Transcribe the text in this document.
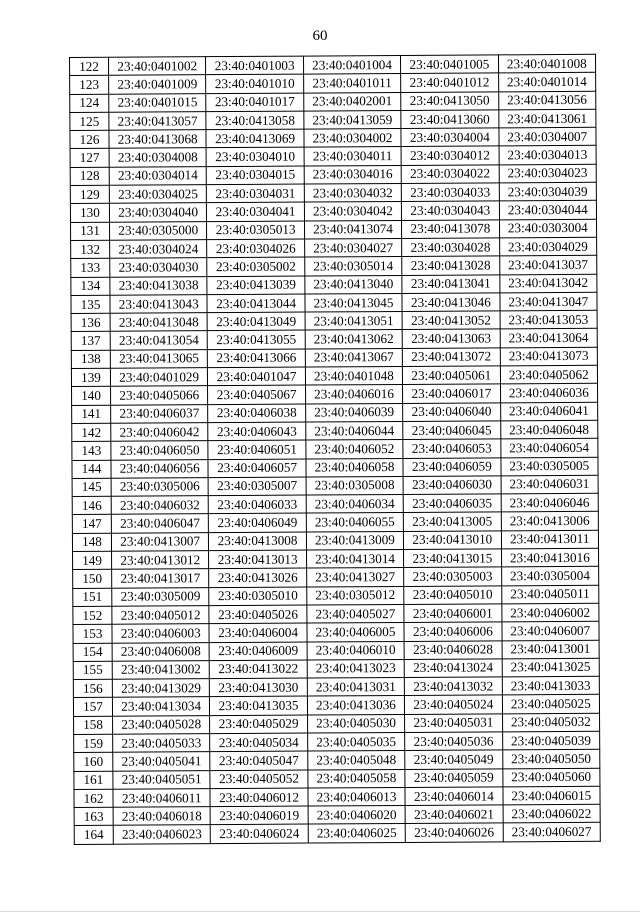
60
122	23:40:0401002	23:40:0401003	23:40:0401004	23:40:0401005	23:40:0401008
123	23:40:0401009	23:40:0401010	23:40:0401011	23:40:0401012	23:40:0401014
124	23:40:0401015	23:40:0401017	23:40:0402001	23:40:0413050	23:40:0413056
125	23:40:0413057	23:40:0413058	23:40:0413059	23:40:0413060	23:40:0413061
126	23:40:0413068	23:40:0413069	23:40:0304002	23:40:0304004	23:40:0304007
127	23:40:0304008	23:40:0304010	23:40:0304011	23:40:0304012	23:40:0304013
128	23:40:0304014	23:40:0304015	23:40:0304016	23:40:0304022	23:40:0304023
129	23:40:0304025	23:40:0304031	23:40:0304032	23:40:0304033	23:40:0304039
130	23:40:0304040	23:40:0304041	23:40:0304042	23:40:0304043	23:40:0304044
131	23:40:0305000	23:40:0305013	23:40:0413074	23:40:0413078	23:40:0303004
132	23:40:0304024	23:40:0304026	23:40:0304027	23:40:0304028	23:40:0304029
133	23:40:0304030	23:40:0305002	23:40:0305014	23:40:0413028	23:40:0413037
134	23:40:0413038	23:40:0413039	23:40:0413040	23:40:0413041	23:40:0413042
135	23:40:0413043	23:40:0413044	23:40:0413045	23:40:0413046	23:40:0413047
136	23:40:0413048	23:40:0413049	23:40:0413051	23:40:0413052	23:40:0413053
137	23:40:0413054	23:40:0413055	23:40:0413062	23:40:0413063	23:40:0413064
138	23:40:0413065	23:40:0413066	23:40:0413067	23:40:0413072	23:40:0413073
139	23:40:0401029	23:40:0401047	23:40:0401048	23:40:0405061	23:40:0405062
140	23:40:0405066	23:40:0405067	23:40:0406016	23:40:0406017	23:40:0406036
141	23:40:0406037	23:40:0406038	23:40:0406039	23:40:0406040	23:40:0406041
142	23:40:0406042	23:40:0406043	23:40:0406044	23:40:0406045	23:40:0406048
143	23:40:0406050	23:40:0406051	23:40:0406052	23:40:0406053	23:40:0406054
144	23:40:0406056	23:40:0406057	23:40:0406058	23:40:0406059	23:40:0305005
145	23:40:0305006	23:40:0305007	23:40:0305008	23:40:0406030	23:40:0406031
146	23:40:0406032	23:40:0406033	23:40:0406034	23:40:0406035	23:40:0406046
147	23:40:0406047	23:40:0406049	23:40:0406055	23:40:0413005	23:40:0413006
148	23:40:0413007	23:40:0413008	23:40:0413009	23:40:0413010	23:40:0413011
149	23:40:0413012	23:40:0413013	23:40:0413014	23:40:0413015	23:40:0413016
150	23:40:0413017	23:40:0413026	23:40:0413027	23:40:0305003	23:40:0305004
151	23:40:0305009	23:40:0305010	23:40:0305012	23:40:0405010	23:40:0405011
152	23:40:0405012	23:40:0405026	23:40:0405027	23:40:0406001	23:40:0406002
153	23:40:0406003	23:40:0406004	23:40:0406005	23:40:0406006	23:40:0406007
154	23:40:0406008	23:40:0406009	23:40:0406010	23:40:0406028	23:40:0413001
155	23:40:0413002	23:40:0413022	23:40:0413023	23:40:0413024	23:40:0413025
156	23:40:0413029	23:40:0413030	23:40:0413031	23:40:0413032	23:40:0413033
157	23:40:0413034	23:40:0413035	23:40:0413036	23:40:0405024	23:40:0405025
158	23:40:0405028	23:40:0405029	23:40:0405030	23:40:0405031	23:40:0405032
159	23:40:0405033	23:40:0405034	23:40:0405035	23:40:0405036	23:40:0405039
160	23:40:0405041	23:40:0405047	23:40:0405048	23:40:0405049	23:40:0405050
161	23:40:0405051	23:40:0405052	23:40:0405058	23:40:0405059	23:40:0405060
162	23:40:0406011	23:40:0406012	23:40:0406013	23:40:0406014	23:40:0406015
163	23:40:0406018	23:40:0406019	23:40:0406020	23:40:0406021	23:40:0406022
164	23:40:0406023	23:40:0406024	23:40:0406025	23:40:0406026	23:40:0406027
